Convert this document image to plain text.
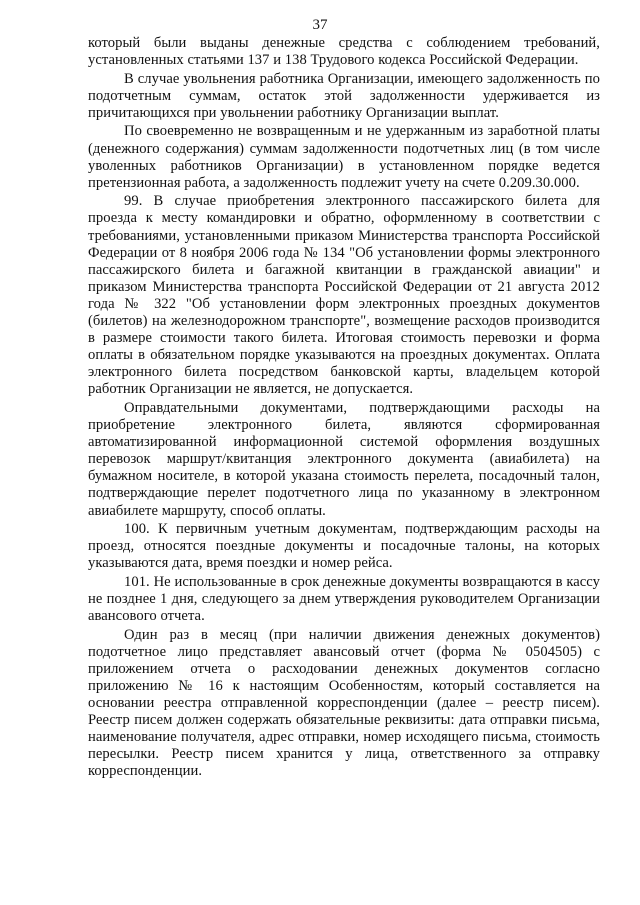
37

который были выданы денежные средства с соблюдением требований, установленных статьями 137 и 138 Трудового кодекса Российской Федерации.

В случае увольнения работника Организации, имеющего задолженность по подотчетным суммам, остаток этой задолженности удерживается из причитающихся при увольнении работнику Организации выплат.

По своевременно не возвращенным и не удержанным из заработной платы (денежного содержания) суммам задолженности подотчетных лиц (в том числе уволенных работников Организации) в установленном порядке ведется претензионная работа, а задолженность подлежит учету на счете 0.209.30.000.

99. В случае приобретения электронного пассажирского билета для проезда к месту командировки и обратно, оформленному в соответствии с требованиями, установленными приказом Министерства транспорта Российской Федерации от 8 ноября 2006 года № 134 "Об установлении формы электронного пассажирского билета и багажной квитанции в гражданской авиации" и приказом Министерства транспорта Российской Федерации от 21 августа 2012 года № 322 "Об установлении форм электронных проездных документов (билетов) на железнодорожном транспорте", возмещение расходов производится в размере стоимости такого билета. Итоговая стоимость перевозки и форма оплаты в обязательном порядке указываются на проездных документах. Оплата электронного билета посредством банковской карты, владельцем которой работник Организации не является, не допускается.

Оправдательными документами, подтверждающими расходы на приобретение электронного билета, являются сформированная автоматизированной информационной системой оформления воздушных перевозок маршрут/квитанция электронного документа (авиабилета) на бумажном носителе, в которой указана стоимость перелета, посадочный талон, подтверждающие перелет подотчетного лица по указанному в электронном авиабилете маршруту, способ оплаты.

100. К первичным учетным документам, подтверждающим расходы на проезд, относятся поездные документы и посадочные талоны, на которых указываются дата, время поездки и номер рейса.

101. Не использованные в срок денежные документы возвращаются в кассу не позднее 1 дня, следующего за днем утверждения руководителем Организации авансового отчета.

Один раз в месяц (при наличии движения денежных документов) подотчетное лицо представляет авансовый отчет (форма № 0504505) с приложением отчета о расходовании денежных документов согласно приложению № 16 к настоящим Особенностям, который составляется на основании реестра отправленной корреспонденции (далее – реестр писем). Реестр писем должен содержать обязательные реквизиты: дата отправки письма, наименование получателя, адрес отправки, номер исходящего письма, стоимость пересылки. Реестр писем хранится у лица, ответственного за отправку корреспонденции.
